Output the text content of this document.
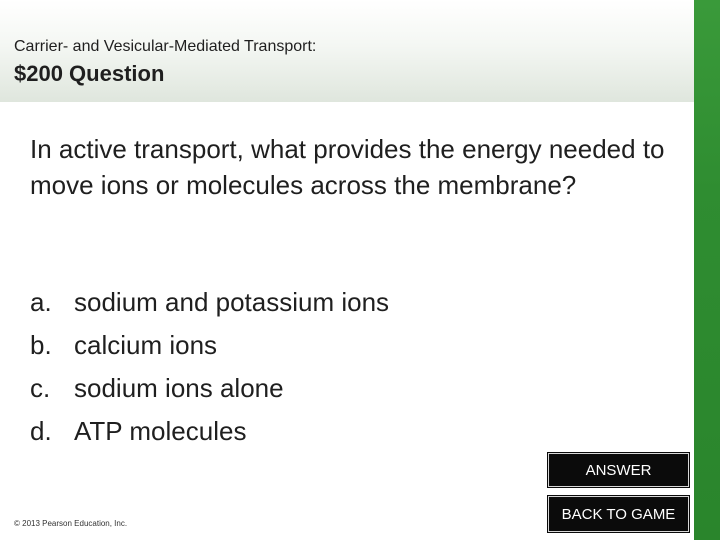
Carrier- and Vesicular-Mediated Transport:
$200 Question
In active transport, what provides the energy needed to move ions or molecules across the membrane?
a. sodium and potassium ions
b. calcium ions
c. sodium ions alone
d. ATP molecules
ANSWER
BACK TO GAME
© 2013 Pearson Education, Inc.
